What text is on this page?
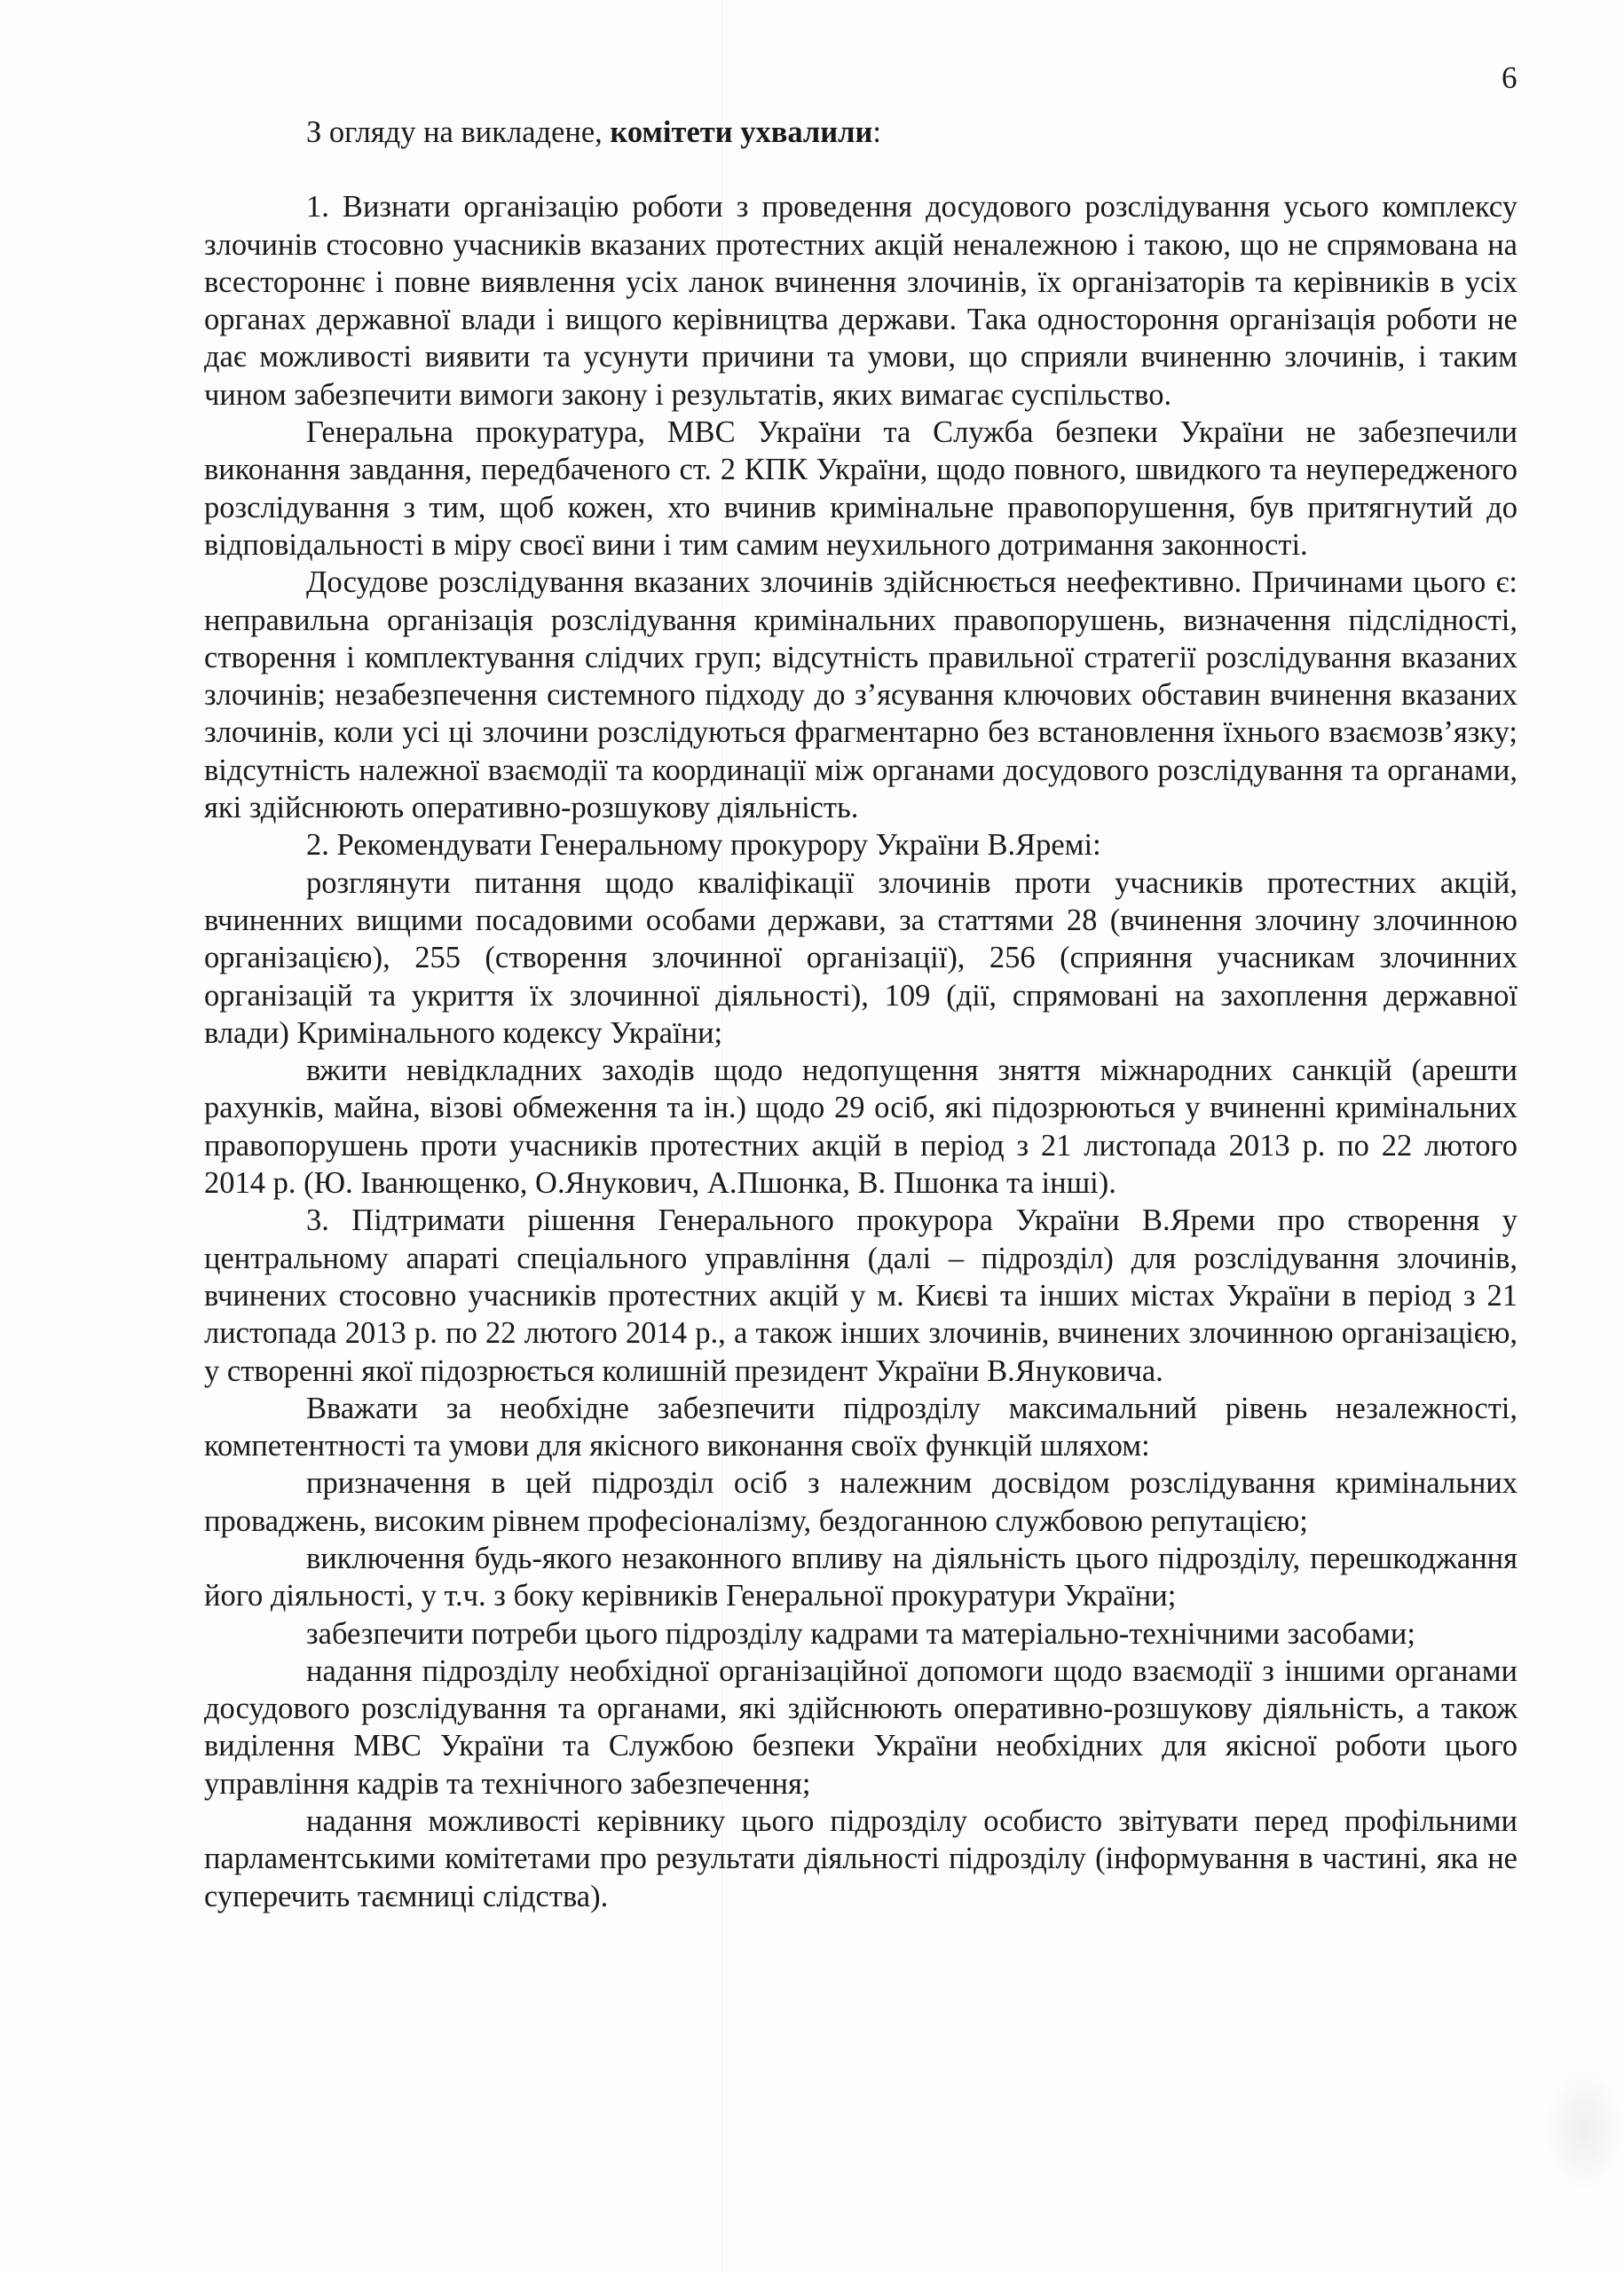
6

З огляду на викладене, комітети ухвалили:

1. Визнати організацію роботи з проведення досудового розслідування усього комплексу злочинів стосовно учасників вказаних протестних акцій неналежною і такою, що не спрямована на всестороннє і повне виявлення усіх ланок вчинення злочинів, їх організаторів та керівників в усіх органах державної влади і вищого керівництва держави. Така одностороння організація роботи не дає можливості виявити та усунути причини та умови, що сприяли вчиненню злочинів, і таким чином забезпечити вимоги закону і результатів, яких вимагає суспільство.

Генеральна прокуратура, МВС України та Служба безпеки України не забезпечили виконання завдання, передбаченого ст. 2 КПК України, щодо повного, швидкого та неупередженого розслідування з тим, щоб кожен, хто вчинив кримінальне правопорушення, був притягнутий до відповідальності в міру своєї вини і тим самим неухильного дотримання законності.

Досудове розслідування вказаних злочинів здійснюється неефективно. Причинами цього є: неправильна організація розслідування кримінальних правопорушень, визначення підслідності, створення і комплектування слідчих груп; відсутність правильної стратегії розслідування вказаних злочинів; незабезпечення системного підходу до з’ясування ключових обставин вчинення вказаних злочинів, коли усі ці злочини розслідуються фрагментарно без встановлення їхнього взаємозв’язку; відсутність належної взаємодії та координації між органами досудового розслідування та органами, які здійснюють оперативно-розшукову діяльність.

2. Рекомендувати Генеральному прокурору України В.Яремі:

розглянути питання щодо кваліфікації злочинів проти учасників протестних акцій, вчиненних вищими посадовими особами держави, за статтями 28 (вчинення злочину злочинною організацією), 255 (створення злочинної організації), 256 (сприяння учасникам злочинних організацій та укриття їх злочинної діяльності), 109 (дії, спрямовані на захоплення державної влади) Кримінального кодексу України;

вжити невідкладних заходів щодо недопущення зняття міжнародних санкцій (арешти рахунків, майна, візові обмеження та ін.) щодо 29 осіб, які підозрюються у вчиненні кримінальних правопорушень проти учасників протестних акцій в період з 21 листопада 2013 р. по 22 лютого 2014 р. (Ю. Іванющенко, О.Янукович, А.Пшонка, В. Пшонка та інші).

3. Підтримати рішення Генерального прокурора України В.Яреми про створення у центральному апараті спеціального управління (далі – підрозділ) для розслідування злочинів, вчинених стосовно учасників протестних акцій у м. Києві та інших містах України в період з 21 листопада 2013 р. по 22 лютого 2014 р., а також інших злочинів, вчинених злочинною організацією, у створенні якої підозрюється колишній президент України В.Януковича.

Вважати за необхідне забезпечити підрозділу максимальний рівень незалежності, компетентності та умови для якісного виконання своїх функцій шляхом:

призначення в цей підрозділ осіб з належним досвідом розслідування кримінальних проваджень, високим рівнем професіоналізму, бездоганною службовою репутацією;

виключення будь-якого незаконного впливу на діяльність цього підрозділу, перешкоджання його діяльності, у т.ч. з боку керівників Генеральної прокуратури України;

забезпечити потреби цього підрозділу кадрами та матеріально-технічними засобами;

надання підрозділу необхідної організаційної допомоги щодо взаємодії з іншими органами досудового розслідування та органами, які здійснюють оперативно-розшукову діяльність, а також виділення МВС України та Службою безпеки України необхідних для якісної роботи цього управління кадрів та технічного забезпечення;

надання можливості керівнику цього підрозділу особисто звітувати перед профільними парламентськими комітетами про результати діяльності підрозділу (інформування в частині, яка не суперечить таємниці слідства).
